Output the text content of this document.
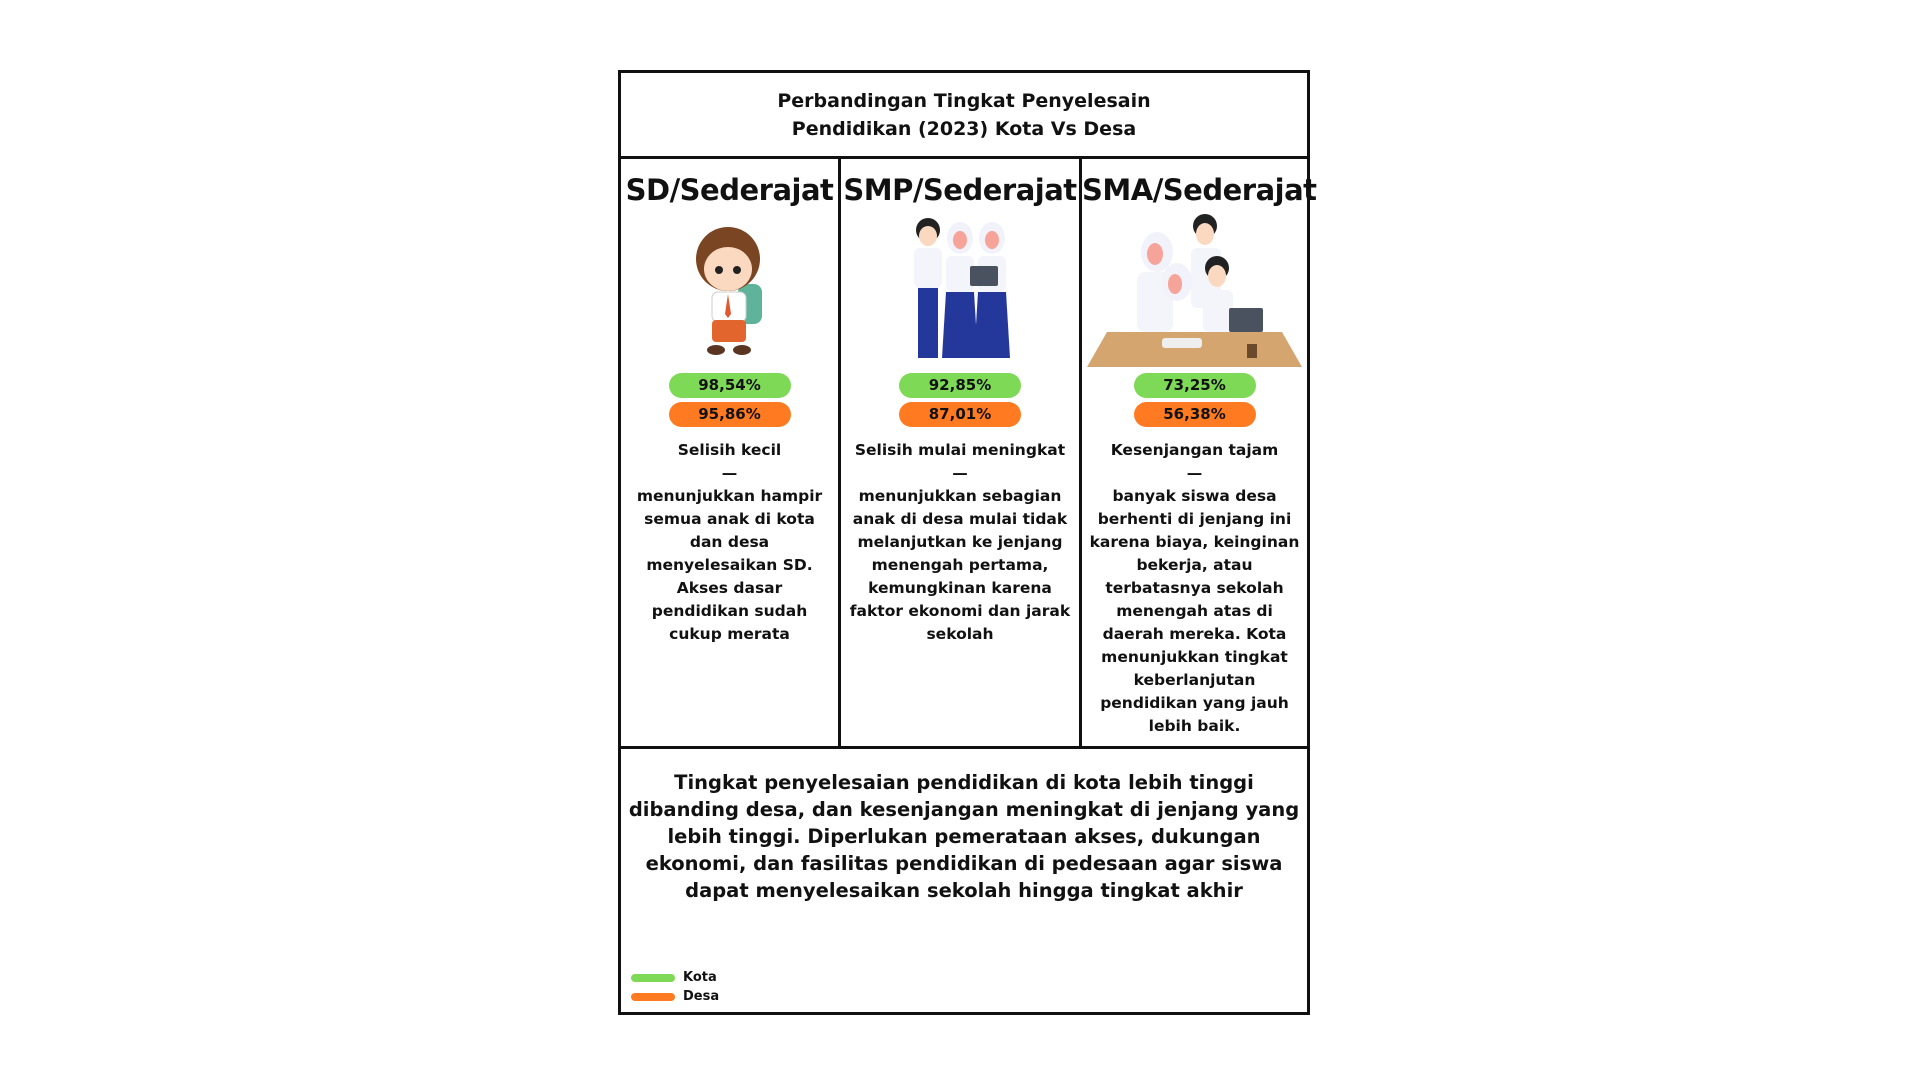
Perbandingan Tingkat Penyelesain
Pendidikan (2023) Kota Vs Desa
SD/Sederajat
98,54%
95,86%
Selisih kecil
—
menunjukkan hampir semua anak di kota dan desa menyelesaikan SD. Akses dasar pendidikan sudah cukup merata
SMP/Sederajat
92,85%
87,01%
Selisih mulai meningkat
—
menunjukkan sebagian anak di desa mulai tidak melanjutkan ke jenjang menengah pertama, kemungkinan karena faktor ekonomi dan jarak sekolah
SMA/Sederajat
73,25%
56,38%
Kesenjangan tajam
—
banyak siswa desa berhenti di jenjang ini karena biaya, keinginan bekerja, atau terbatasnya sekolah menengah atas di daerah mereka. Kota menunjukkan tingkat keberlanjutan pendidikan yang jauh lebih baik.
Tingkat penyelesaian pendidikan di kota lebih tinggi dibanding desa, dan kesenjangan meningkat di jenjang yang lebih tinggi. Diperlukan pemerataan akses, dukungan ekonomi, dan fasilitas pendidikan di pedesaan agar siswa dapat menyelesaikan sekolah hingga tingkat akhir
Kota
Desa
